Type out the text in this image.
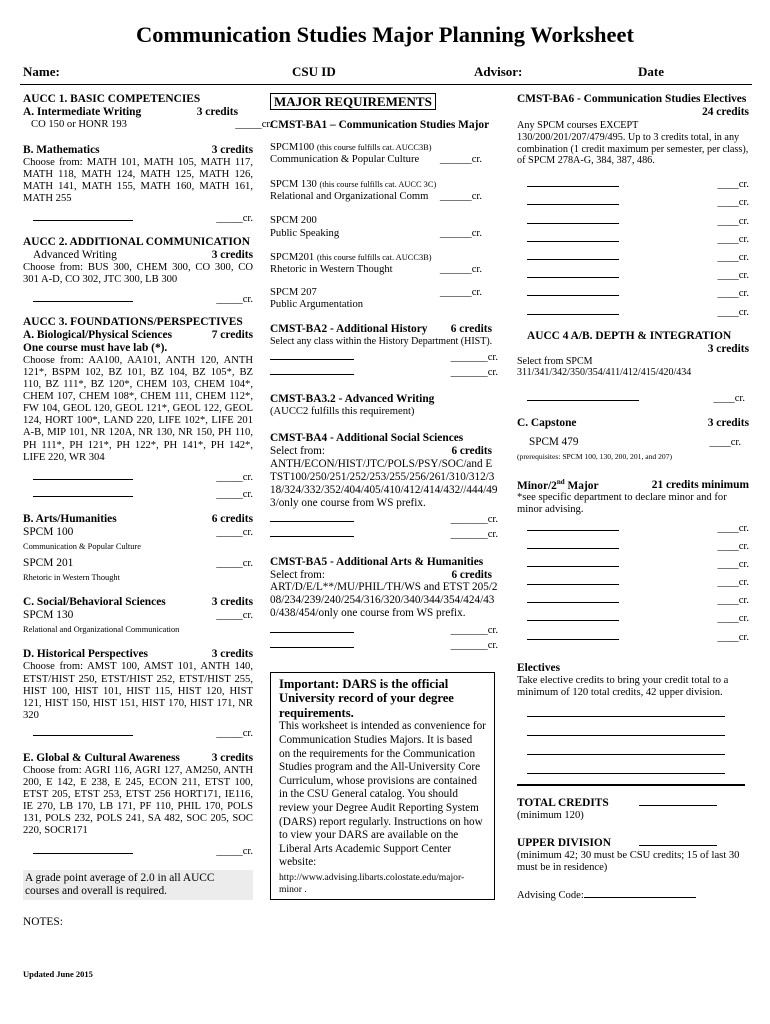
Communication Studies Major Planning Worksheet
Name:	CSU ID	Advisor:	Date
AUCC 1. BASIC COMPETENCIES
A. Intermediate Writing	3 credits
CO 150 or HONR 193	_____cr.
B. Mathematics	3 credits
Choose from: MATH 101, MATH 105, MATH 117, MATH 118, MATH 124, MATH 125, MATH 126, MATH 141, MATH 155, MATH 160, MATH 161, MATH 255
_____cr.
AUCC 2. ADDITIONAL COMMUNICATION
Advanced Writing	3 credits
Choose from: BUS 300, CHEM 300, CO 300, CO 301 A-D, CO 302, JTC 300, LB 300
_____cr.
AUCC 3. FOUNDATIONS/PERSPECTIVES
A. Biological/Physical Sciences	7 credits
One course must have lab (*).
Choose from: AA100, AA101, ANTH 120, ANTH 121*, BSPM 102, BZ 101, BZ 104, BZ 105*, BZ 110, BZ 111*, BZ 120*, CHEM 103, CHEM 104*, CHEM 107, CHEM 108*, CHEM 111, CHEM 112*, FW 104, GEOL 120, GEOL 121*, GEOL 122, GEOL 124, HORT 100*, LAND 220, LIFE 102*, LIFE 201 A-B, MIP 101, NR 120A, NR 130, NR 150, PH 110, PH 111*, PH 121*, PH 122*, PH 141*, PH 142*, LIFE 220, WR 304
_____cr.
_____cr.
B. Arts/Humanities	6 credits
SPCM 100	_____cr.
Communication & Popular Culture
SPCM 201	_____cr.
Rhetoric in Western Thought
C. Social/Behavioral Sciences	3 credits
SPCM 130	_____cr.
Relational and Organizational Communication
D. Historical Perspectives	3 credits
Choose from: AMST 100, AMST 101, ANTH 140, ETST/HIST 250, ETST/HIST 252, ETST/HIST 255, HIST 100, HIST 101, HIST 115, HIST 120, HIST 121, HIST 150, HIST 151, HIST 170, HIST 171, NR 320
_____cr.
E. Global & Cultural Awareness	3 credits
Choose from: AGRI 116, AGRI 127, AM250, ANTH 200, E 142, E 238, E 245, ECON 211, ETST 100, ETST 205, ETST 253, ETST 256 HORT171, IE116, IE 270, LB 170, LB 171, PF 110, PHIL 170, POLS 131, POLS 232, POLS 241, SA 482, SOC 205, SOC 220, SOCR171
_____cr.
A grade point average of 2.0 in all AUCC courses and overall is required.
NOTES:
MAJOR REQUIREMENTS
CMST-BA1 – Communication Studies Major
SPCM100 (this course fulfills cat. AUCC3B)
Communication & Popular Culture ______cr.
SPCM 130 (this course fulfills cat. AUCC 3C)
Relational and Organizational Comm ______cr.
SPCM 200
Public Speaking	______cr.
SPCM201 (this course fulfills cat. AUCC3B)
Rhetoric in Western Thought	______cr.
SPCM 207	______cr.
Public Argumentation
CMST-BA2 - Additional History 6 credits
Select any class within the History Department (HIST).
_______cr.
_______cr.
CMST-BA3.2 - Advanced Writing
(AUCC2 fulfills this requirement)
CMST-BA4 - Additional Social Sciences
Select from:	6 credits
ANTH/ECON/HIST/JTC/POLS/PSY/SOC/and ETST100/250/251/252/253/255/256/261/310/312/318/324/332/352/404/405/410/412/414/432//444/493/only one course from WS prefix.
_______cr.
_______cr.
CMST-BA5 - Additional Arts & Humanities
Select from:	6 credits
ART/D/E/L**/MU/PHIL/TH/WS and ETST 205/208/234/239/240/254/316/320/340/344/354/424/430/438/454/only one course from WS prefix.
_______cr.
_______cr.
Important: DARS is the official University record of your degree requirements.
This worksheet is intended as convenience for Communication Studies Majors. It is based on the requirements for the Communication Studies program and the All-University Core Curriculum, whose provisions are contained in the CSU General catalog. You should review your Degree Audit Reporting System (DARS) report regularly. Instructions on how to view your DARS are available on the Liberal Arts Academic Support Center website:
http://www.advising.libarts.colostate.edu/major-minor .
CMST-BA6 - Communication Studies Electives
24 credits
Any SPCM courses EXCEPT 130/200/201/207/479/495. Up to 3 credits total, in any combination (1 credit maximum per semester, per class), of SPCM 278A-G, 384, 387, 486.
____cr.
____cr.
____cr.
____cr.
____cr.
____cr.
____cr.
____cr.
AUCC 4 A/B. DEPTH & INTEGRATION
3 credits
Select from SPCM 311/341/342/350/354/411/412/415/420/434
____cr.
C. Capstone	3 credits
SPCM 479	____cr.
(prerequisites: SPCM 100, 130, 200, 201, and 207)
Minor/2nd Major	21 credits minimum
*see specific department to declare minor and for minor advising.
____cr.
____cr.
____cr.
____cr.
____cr.
____cr.
____cr.
Electives
Take elective credits to bring your credit total to a minimum of 120 total credits, 42 upper division.
TOTAL CREDITS
(minimum 120)
UPPER DIVISION
(minimum 42; 30 must be CSU credits; 15 of last 30 must be in residence)
Advising Code:
Updated June 2015
